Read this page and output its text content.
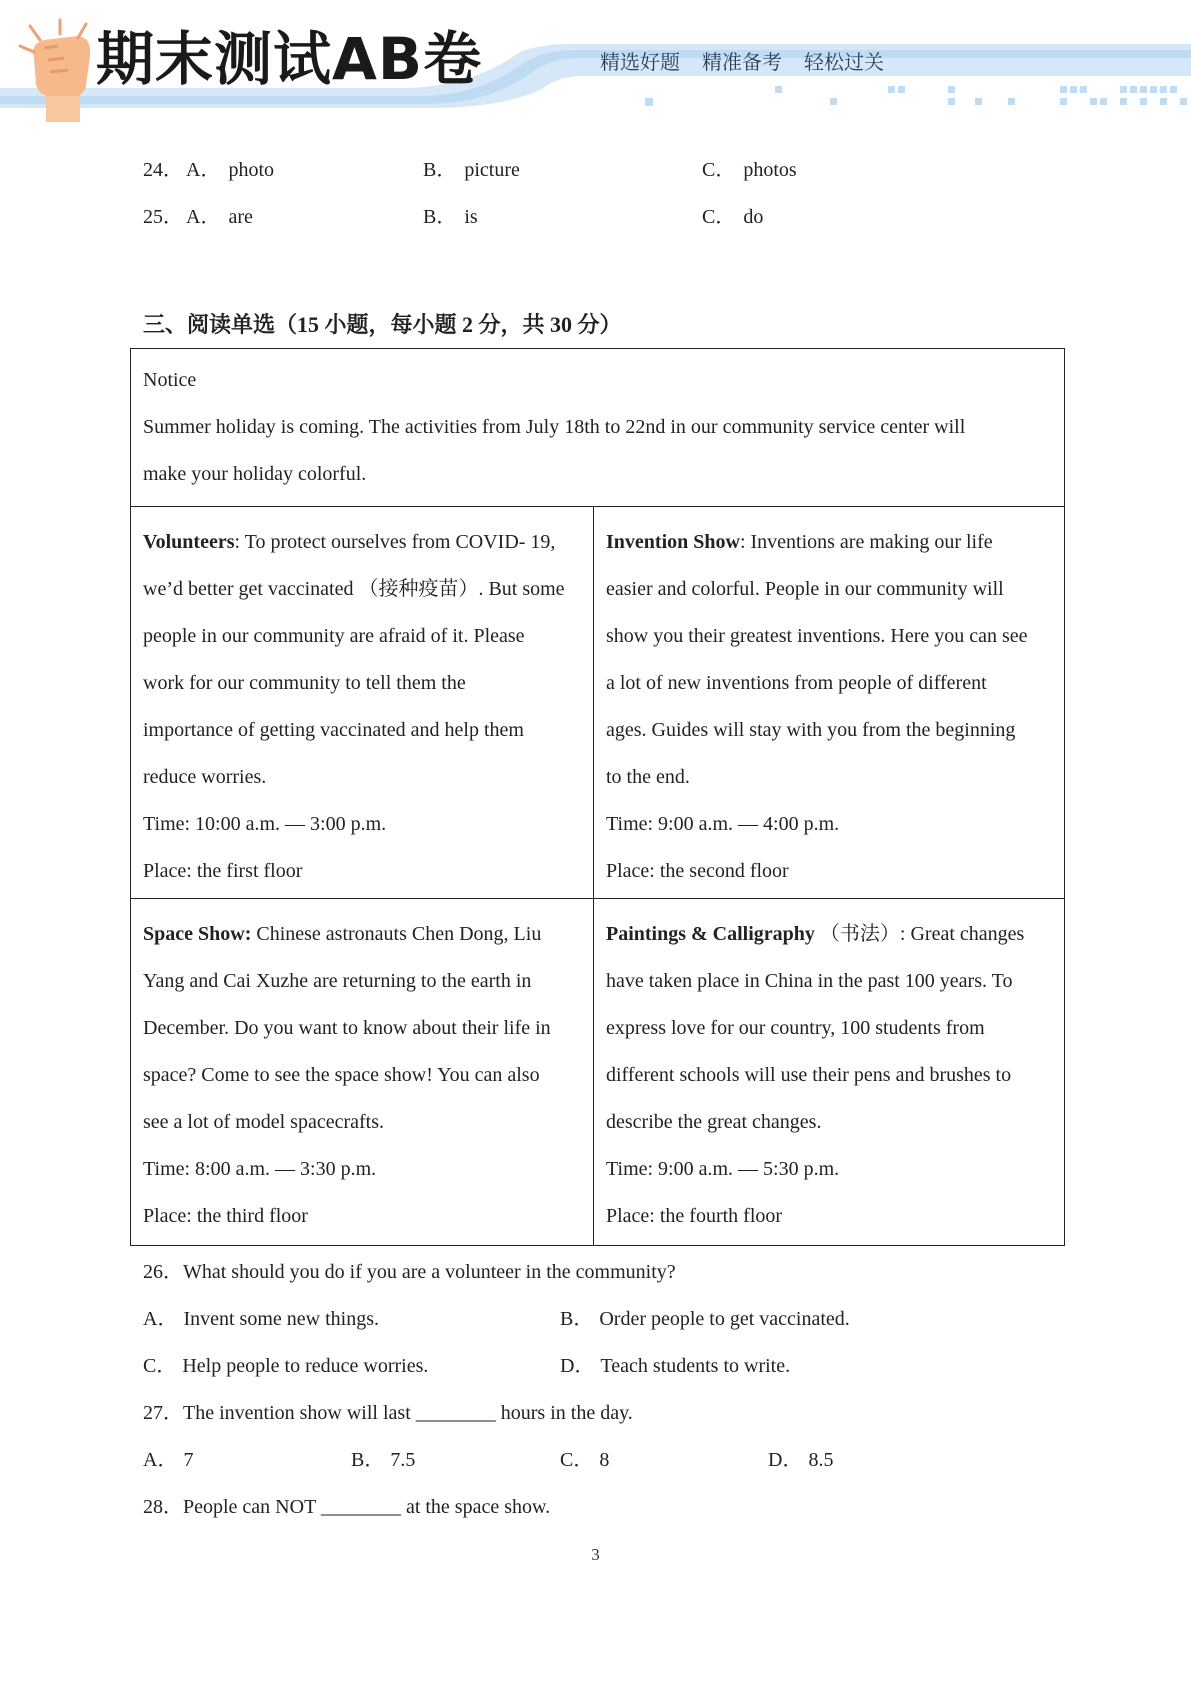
期末测试AB卷	精选好题 精准备考 轻松过关
24． A． photo	B． picture	C． photos
25． A． are	B． is	C． do
三、阅读单选（15 小题，每小题 2 分，共 30 分）

Notice

Summer holiday is coming. The activities from July 18th to 22nd in our community service center will

make your holiday colorful.

Volunteers: To protect ourselves from COVID- 19,

we’d better get vaccinated （接种疫苗）. But some

people in our community are afraid of it. Please

work for our community to tell them the

importance of getting vaccinated and help them

reduce worries.

Time: 10:00 a.m. — 3:00 p.m.

Place: the first floor

Invention Show: Inventions are making our life

easier and colorful. People in our community will

show you their greatest inventions. Here you can see

a lot of new inventions from people of different

ages. Guides will stay with you from the beginning

to the end.

Time: 9:00 a.m. — 4:00 p.m.

Place: the second floor

Space Show: Chinese astronauts Chen Dong, Liu

Yang and Cai Xuzhe are returning to the earth in

December. Do you want to know about their life in

space? Come to see the space show! You can also

see a lot of model spacecrafts.

Time: 8:00 a.m. — 3:30 p.m.

Place: the third floor

Paintings & Calligraphy （书法）: Great changes

have taken place in China in the past 100 years. To

express love for our country, 100 students from

different schools will use their pens and brushes to

describe the great changes.

Time: 9:00 a.m. — 5:30 p.m.

Place: the fourth floor

26．What should you do if you are a volunteer in the community?
A． Invent some new things.	B． Order people to get vaccinated.
C． Help people to reduce worries.	D． Teach students to write.
27．The invention show will last ________ hours in the day.
A． 7	B． 7.5	C． 8	D． 8.5
28．People can NOT ________ at the space show.
3
